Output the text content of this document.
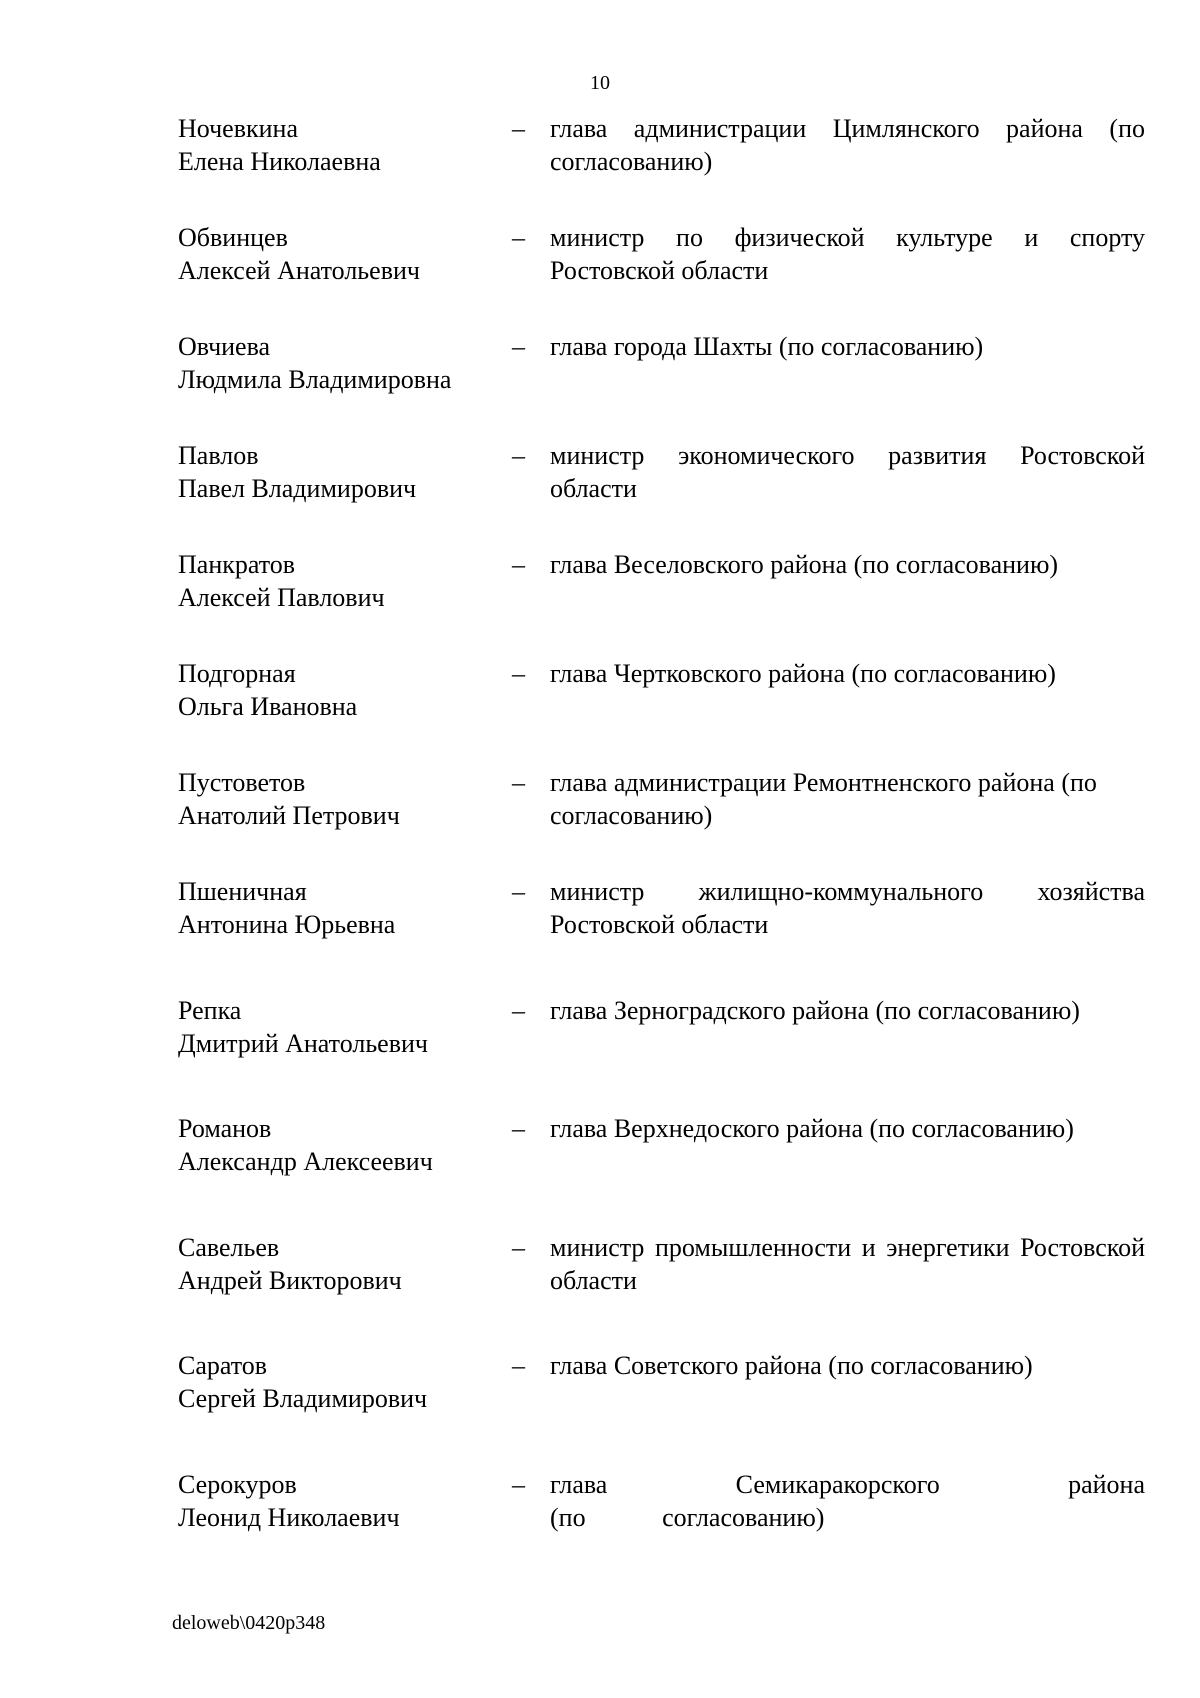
10
Ночевкина
Елена Николаевна
– глава администрации Цимлянского района (по согласованию)
Обвинцев
Алексей Анатольевич
– министр по физической культуре и спорту Ростовской области
Овчиева
Людмила Владимировна
– глава города Шахты (по согласованию)
Павлов
Павел Владимирович
– министр экономического развития Ростовской области
Панкратов
Алексей Павлович
– глава Веселовского района (по согласованию)
Подгорная
Ольга Ивановна
– глава Чертковского района (по согласованию)
Пустоветов
Анатолий Петрович
– глава администрации Ремонтненского района (по согласованию)
Пшеничная
Антонина Юрьевна
– министр жилищно-коммунального хозяйства Ростовской области
Репка
Дмитрий Анатольевич
– глава Зерноградского района (по согласованию)
Романов
Александр Алексеевич
– глава Верхнедоского района (по согласованию)
Савельев
Андрей Викторович
– министр промышленности и энергетики Ростовской области
Саратов
Сергей Владимирович
– глава Советского района (по согласованию)
Серокуров
Леонид Николаевич
– глава Семикаракорского района (по согласованию)
deloweb\0420p348
